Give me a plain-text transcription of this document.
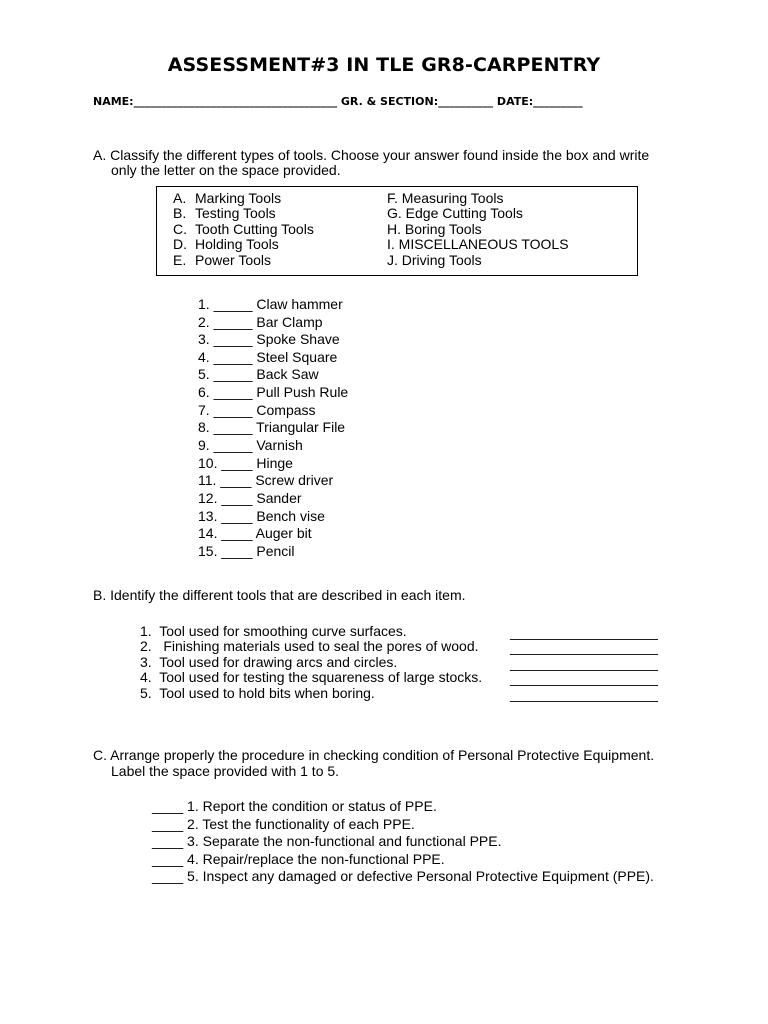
ASSESSMENT#3 IN TLE GR8-CARPENTRY
NAME:_____________________________________ GR. & SECTION:__________ DATE:_________
A. Classify the different types of tools. Choose your answer found inside the box and write
only the letter on the space provided.
A. Marking Tools
B. Testing Tools
C. Tooth Cutting Tools
D. Holding Tools
E. Power Tools
F. Measuring Tools
G. Edge Cutting Tools
H. Boring Tools
I. MISCELLANEOUS TOOLS
J. Driving Tools
1. _____ Claw hammer
2. _____ Bar Clamp
3. _____ Spoke Shave
4. _____ Steel Square
5. _____ Back Saw
6. _____ Pull Push Rule
7. _____ Compass
8. _____ Triangular File
9. _____ Varnish
10. ____ Hinge
11. ____ Screw driver
12. ____ Sander
13. ____ Bench vise
14. ____ Auger bit
15. ____ Pencil
B. Identify the different tools that are described in each item.
1.  Tool used for smoothing curve surfaces.
2.   Finishing materials used to seal the pores of wood.
3.  Tool used for drawing arcs and circles.
4.  Tool used for testing the squareness of large stocks.
5.  Tool used to hold bits when boring.
___________________
___________________
___________________
___________________
___________________
C. Arrange properly the procedure in checking condition of Personal Protective Equipment.
Label the space provided with 1 to 5.
____ 1. Report the condition or status of PPE.
____ 2. Test the functionality of each PPE.
____ 3. Separate the non-functional and functional PPE.
____ 4. Repair/replace the non-functional PPE.
____ 5. Inspect any damaged or defective Personal Protective Equipment (PPE).
